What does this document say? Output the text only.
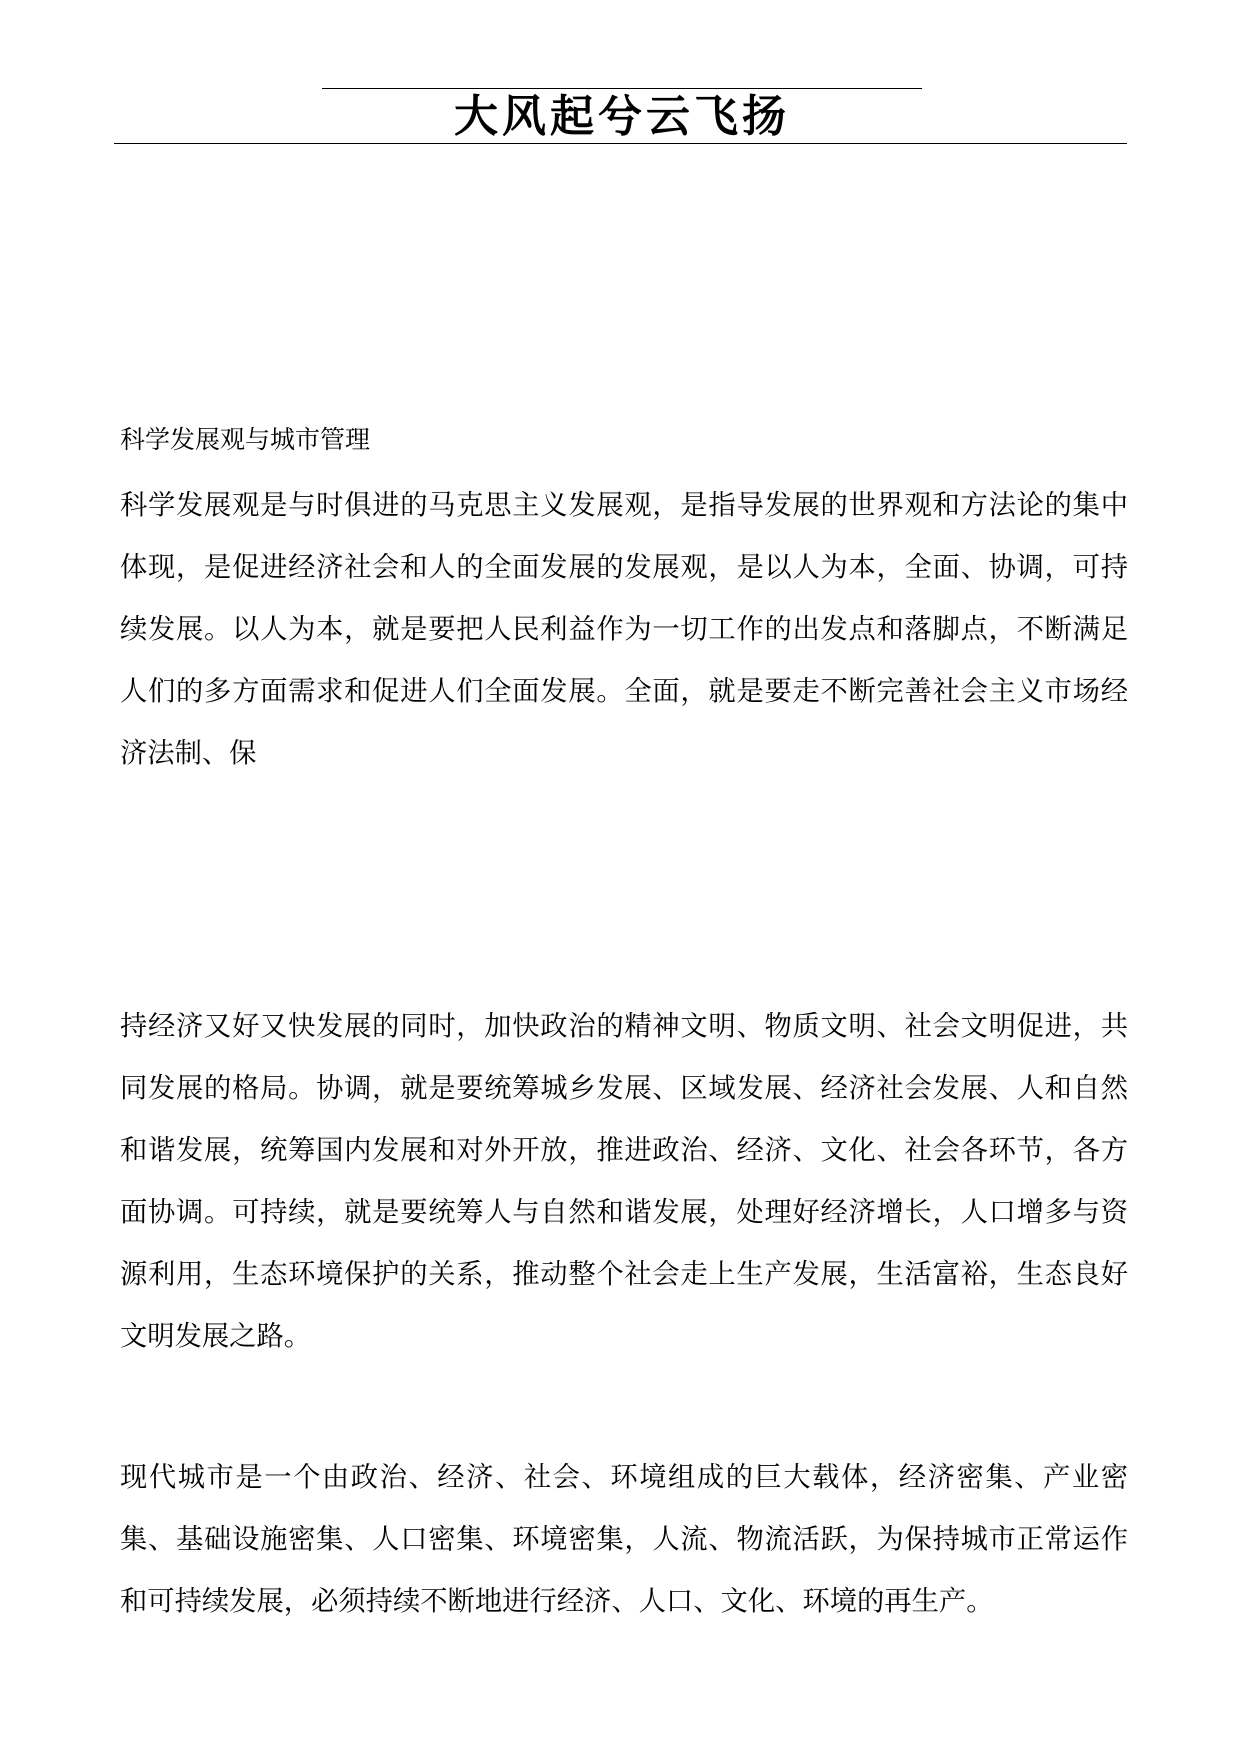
大风起兮云飞扬
科学发展观与城市管理

科学发展观是与时俱进的马克思主义发展观，是指导发展的世界观和方法论的集中体现，是促进经济社会和人的全面发展的发展观，是以人为本，全面、协调，可持续发展。以人为本，就是要把人民利益作为一切工作的出发点和落脚点，不断满足人们的多方面需求和促进人们全面发展。全面，就是要走不断完善社会主义市场经济法制、保

持经济又好又快发展的同时，加快政治的精神文明、物质文明、社会文明促进，共同发展的格局。协调，就是要统筹城乡发展、区域发展、经济社会发展、人和自然和谐发展，统筹国内发展和对外开放，推进政治、经济、文化、社会各环节，各方面协调。可持续，就是要统筹人与自然和谐发展，处理好经济增长，人口增多与资源利用，生态环境保护的关系，推动整个社会走上生产发展，生活富裕，生态良好文明发展之路。

现代城市是一个由政治、经济、社会、环境组成的巨大载体，经济密集、产业密集、基础设施密集、人口密集、环境密集，人流、物流活跃，为保持城市正常运作和可持续发展，必须持续不断地进行经济、人口、文化、环境的再生产。
